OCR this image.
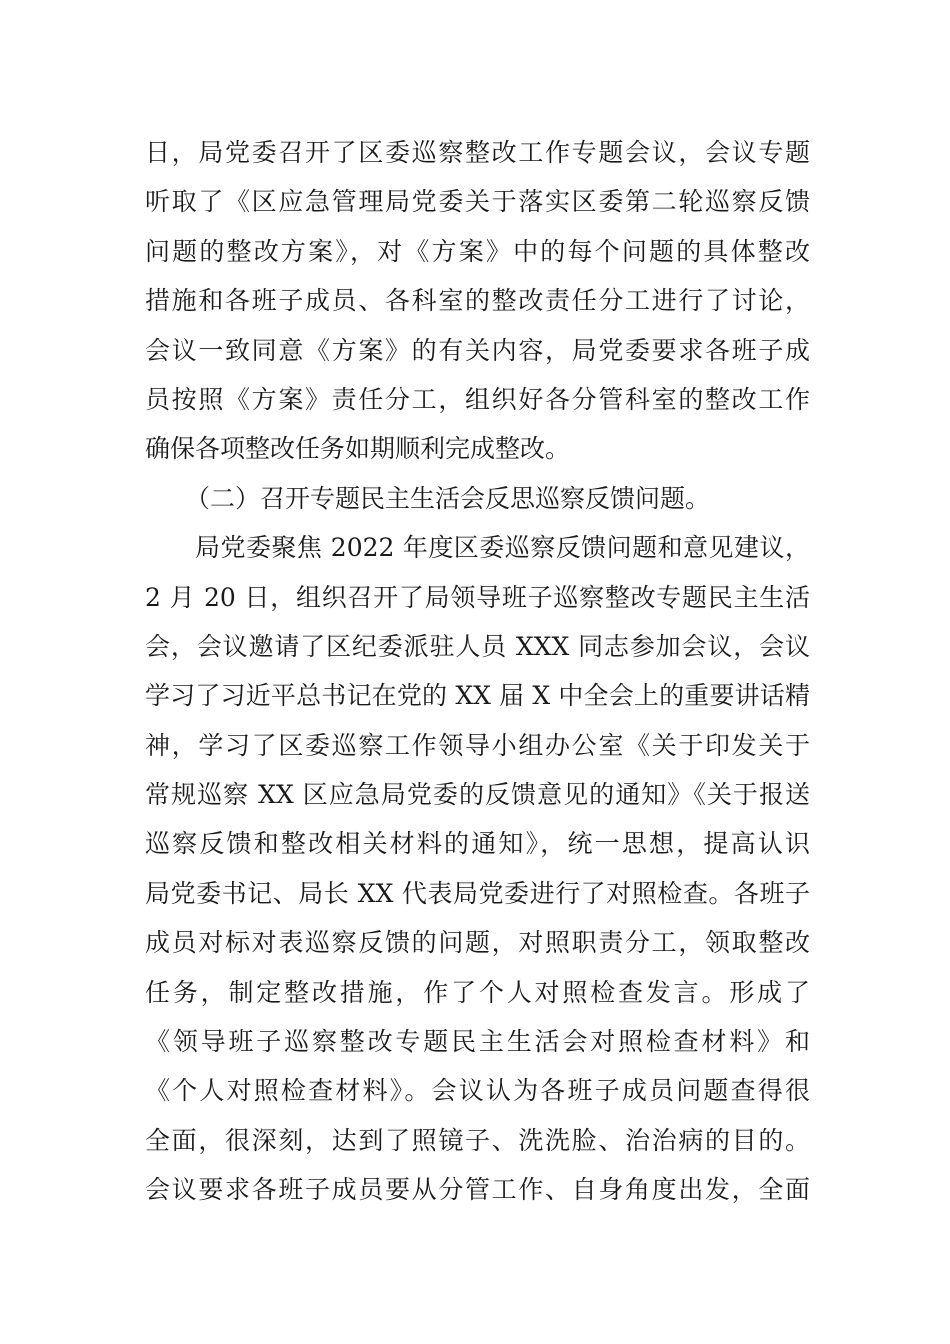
日，局党委召开了区委巡察整改工作专题会议，会议专题
听取了《区应急管理局党委关于落实区委第二轮巡察反馈
问题的整改方案》，对《方案》中的每个问题的具体整改
措施和各班子成员、各科室的整改责任分工进行了讨论，
会议一致同意《方案》的有关内容，局党委要求各班子成
员按照《方案》责任分工，组织好各分管科室的整改工作
确保各项整改任务如期顺利完成整改。
（二）召开专题民主生活会反思巡察反馈问题。
局党委聚焦 2022 年度区委巡察反馈问题和意见建议，
2 月 20 日，组织召开了局领导班子巡察整改专题民主生活
会，会议邀请了区纪委派驻人员 XXX 同志参加会议，会议
学习了习近平总书记在党的 XX 届 X 中全会上的重要讲话精
神，学习了区委巡察工作领导小组办公室《关于印发关于
常规巡察 XX 区应急局党委的反馈意见的通知》《关于报送
巡察反馈和整改相关材料的通知》，统一思想，提高认识
局党委书记、局长 XX 代表局党委进行了对照检查。各班子
成员对标对表巡察反馈的问题，对照职责分工，领取整改
任务，制定整改措施，作了个人对照检查发言。形成了
《领导班子巡察整改专题民主生活会对照检查材料》和
《个人对照检查材料》。会议认为各班子成员问题查得很
全面，很深刻，达到了照镜子、洗洗脸、治治病的目的。
会议要求各班子成员要从分管工作、自身角度出发，全面
